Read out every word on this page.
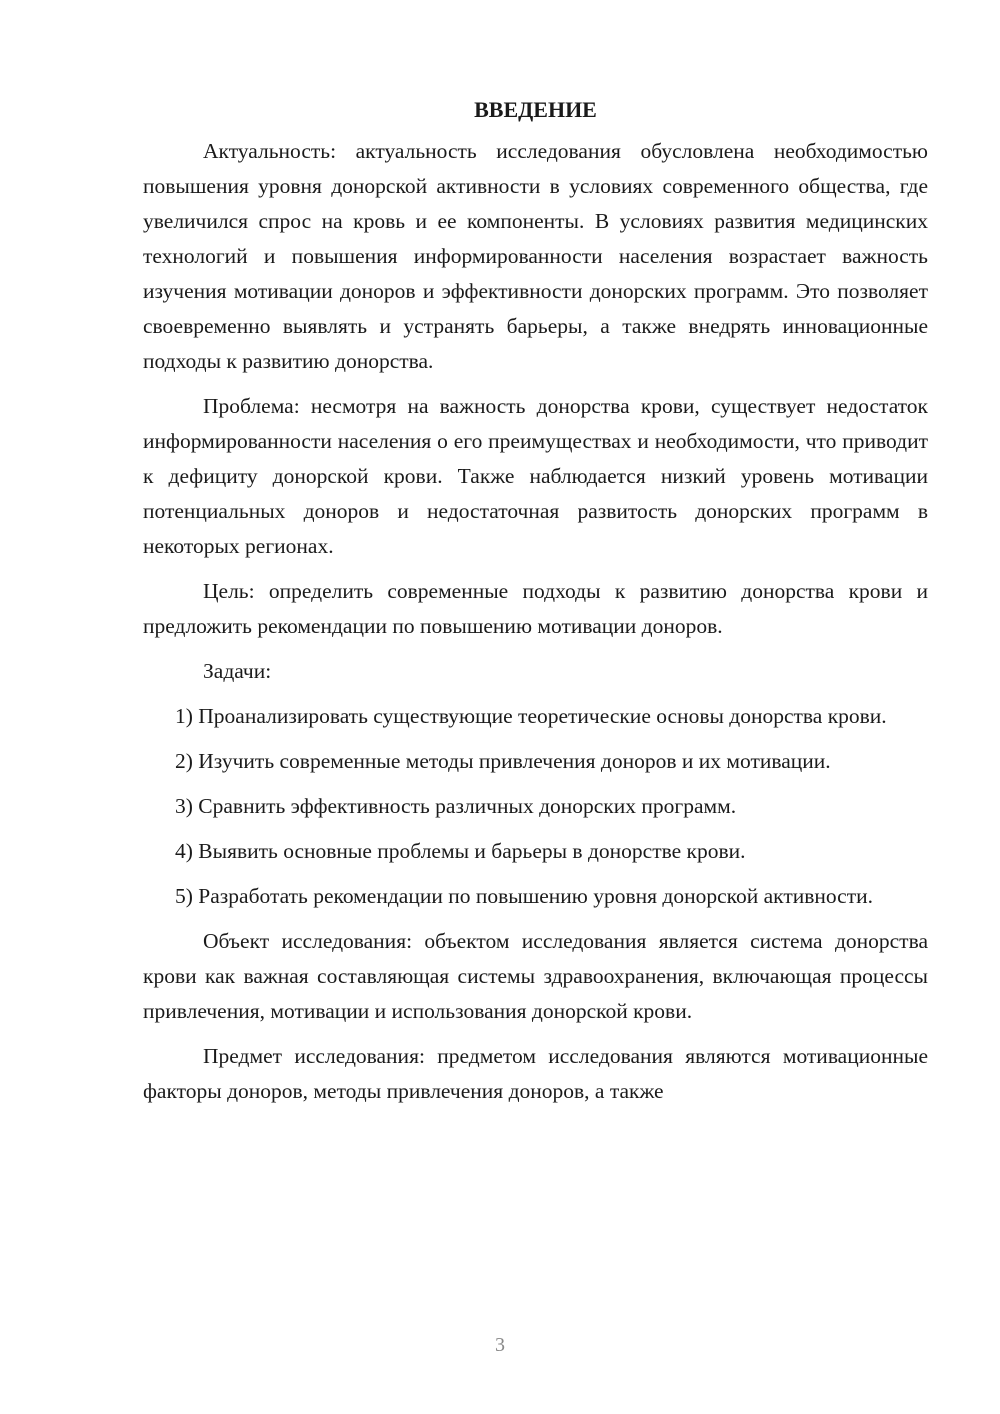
ВВЕДЕНИЕ

Актуальность: актуальность исследования обусловлена необходимостью повышения уровня донорской активности в условиях современного общества, где увеличился спрос на кровь и ее компоненты. В условиях развития медицинских технологий и повышения информированности населения возрастает важность изучения мотивации доноров и эффективности донорских программ. Это позволяет своевременно выявлять и устранять барьеры, а также внедрять инновационные подходы к развитию донорства.

Проблема: несмотря на важность донорства крови, существует недостаток информированности населения о его преимуществах и необходимости, что приводит к дефициту донорской крови. Также наблюдается низкий уровень мотивации потенциальных доноров и недостаточная развитость донорских программ в некоторых регионах.

Цель: определить современные подходы к развитию донорства крови и предложить рекомендации по повышению мотивации доноров.

Задачи:

1) Проанализировать существующие теоретические основы донорства крови.

2) Изучить современные методы привлечения доноров и их мотивации.

3) Сравнить эффективность различных донорских программ.

4) Выявить основные проблемы и барьеры в донорстве крови.

5) Разработать рекомендации по повышению уровня донорской активности.

Объект исследования: объектом исследования является система донорства крови как важная составляющая системы здравоохранения, включающая процессы привлечения, мотивации и использования донорской крови.

Предмет исследования: предметом исследования являются мотивационные факторы доноров, методы привлечения доноров, а также

3
